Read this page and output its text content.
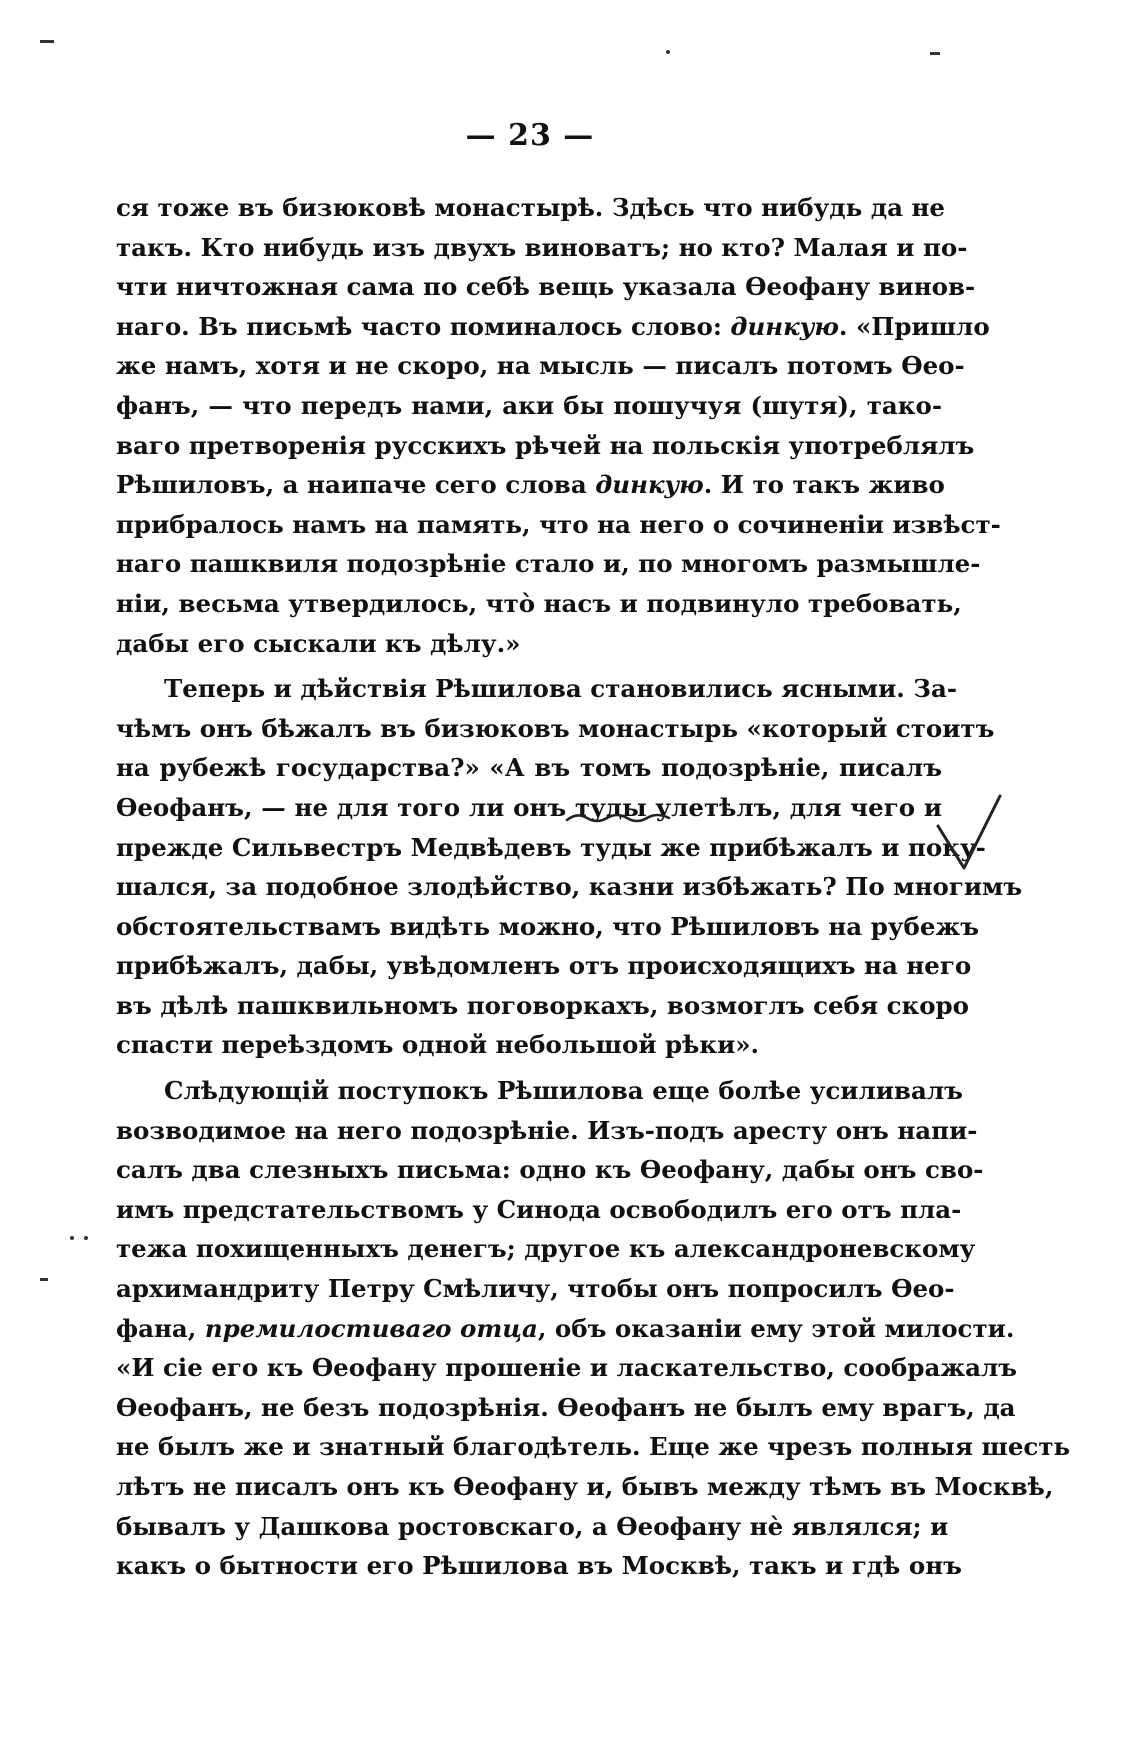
— 23 —
ся тоже въ бизюковѣ монастырѣ. Здѣсь что нибудь да не
такъ. Кто нибудь изъ двухъ виноватъ; но кто? Малая и по-
чти ничтожная сама по себѣ вещь указала Ѳеофану винов-
наго. Въ письмѣ часто поминалось слово: динкую. «Пришло
же намъ, хотя и не скоро, на мысль — писалъ потомъ Ѳео-
фанъ, — что передъ нами, аки бы пошучуя (шутя), тако-
ваго претворенія русскихъ рѣчей на польскія употреблялъ
Рѣшиловъ, а наипаче сего слова динкую. И то такъ живо
прибралось намъ на память, что на него о сочиненіи извѣст-
наго пашквиля подозрѣніе стало и, по многомъ размышле-
ніи, весьма утвердилось, что̀ насъ и подвинуло требовать,
дабы его сыскали къ дѣлу.»
Теперь и дѣйствія Рѣшилова становились ясными. За-
чѣмъ онъ бѣжалъ въ бизюковъ монастырь «который стоитъ
на рубежѣ государства?» «А въ томъ подозрѣніе, писалъ
Ѳеофанъ, — не для того ли онъ туды улетѣлъ, для чего и
прежде Сильвестръ Медвѣдевъ туды же прибѣжалъ и поку-
шался, за подобное злодѣйство, казни избѣжать? По многимъ
обстоятельствамъ видѣть можно, что Рѣшиловъ на рубежъ
прибѣжалъ, дабы, увѣдомленъ отъ происходящихъ на него
въ дѣлѣ пашквильномъ поговоркахъ, возмоглъ себя скоро
спасти переѣздомъ одной небольшой рѣки».
Слѣдующій поступокъ Рѣшилова еще болѣе усиливалъ
возводимое на него подозрѣніе. Изъ-подъ аресту онъ напи-
салъ два слезныхъ письма: одно къ Ѳеофану, дабы онъ сво-
имъ предстательствомъ у Синода освободилъ его отъ пла-
тежа похищенныхъ денегъ; другое къ александроневскому
архимандриту Петру Смѣличу, чтобы онъ попросилъ Ѳео-
фана, премилостиваго отца, объ оказаніи ему этой милости.
«И сіе его къ Ѳеофану прошеніе и ласкательство, соображалъ
Ѳеофанъ, не безъ подозрѣнія. Ѳеофанъ не былъ ему врагъ, да
не былъ же и знатный благодѣтель. Еще же чрезъ полныя шесть
лѣтъ не писалъ онъ къ Ѳеофану и, бывъ между тѣмъ въ Москвѣ,
бывалъ у Дашкова ростовскаго, а Ѳеофану нѐ являлся; и
какъ о бытности его Рѣшилова въ Москвѣ, такъ и гдѣ онъ
